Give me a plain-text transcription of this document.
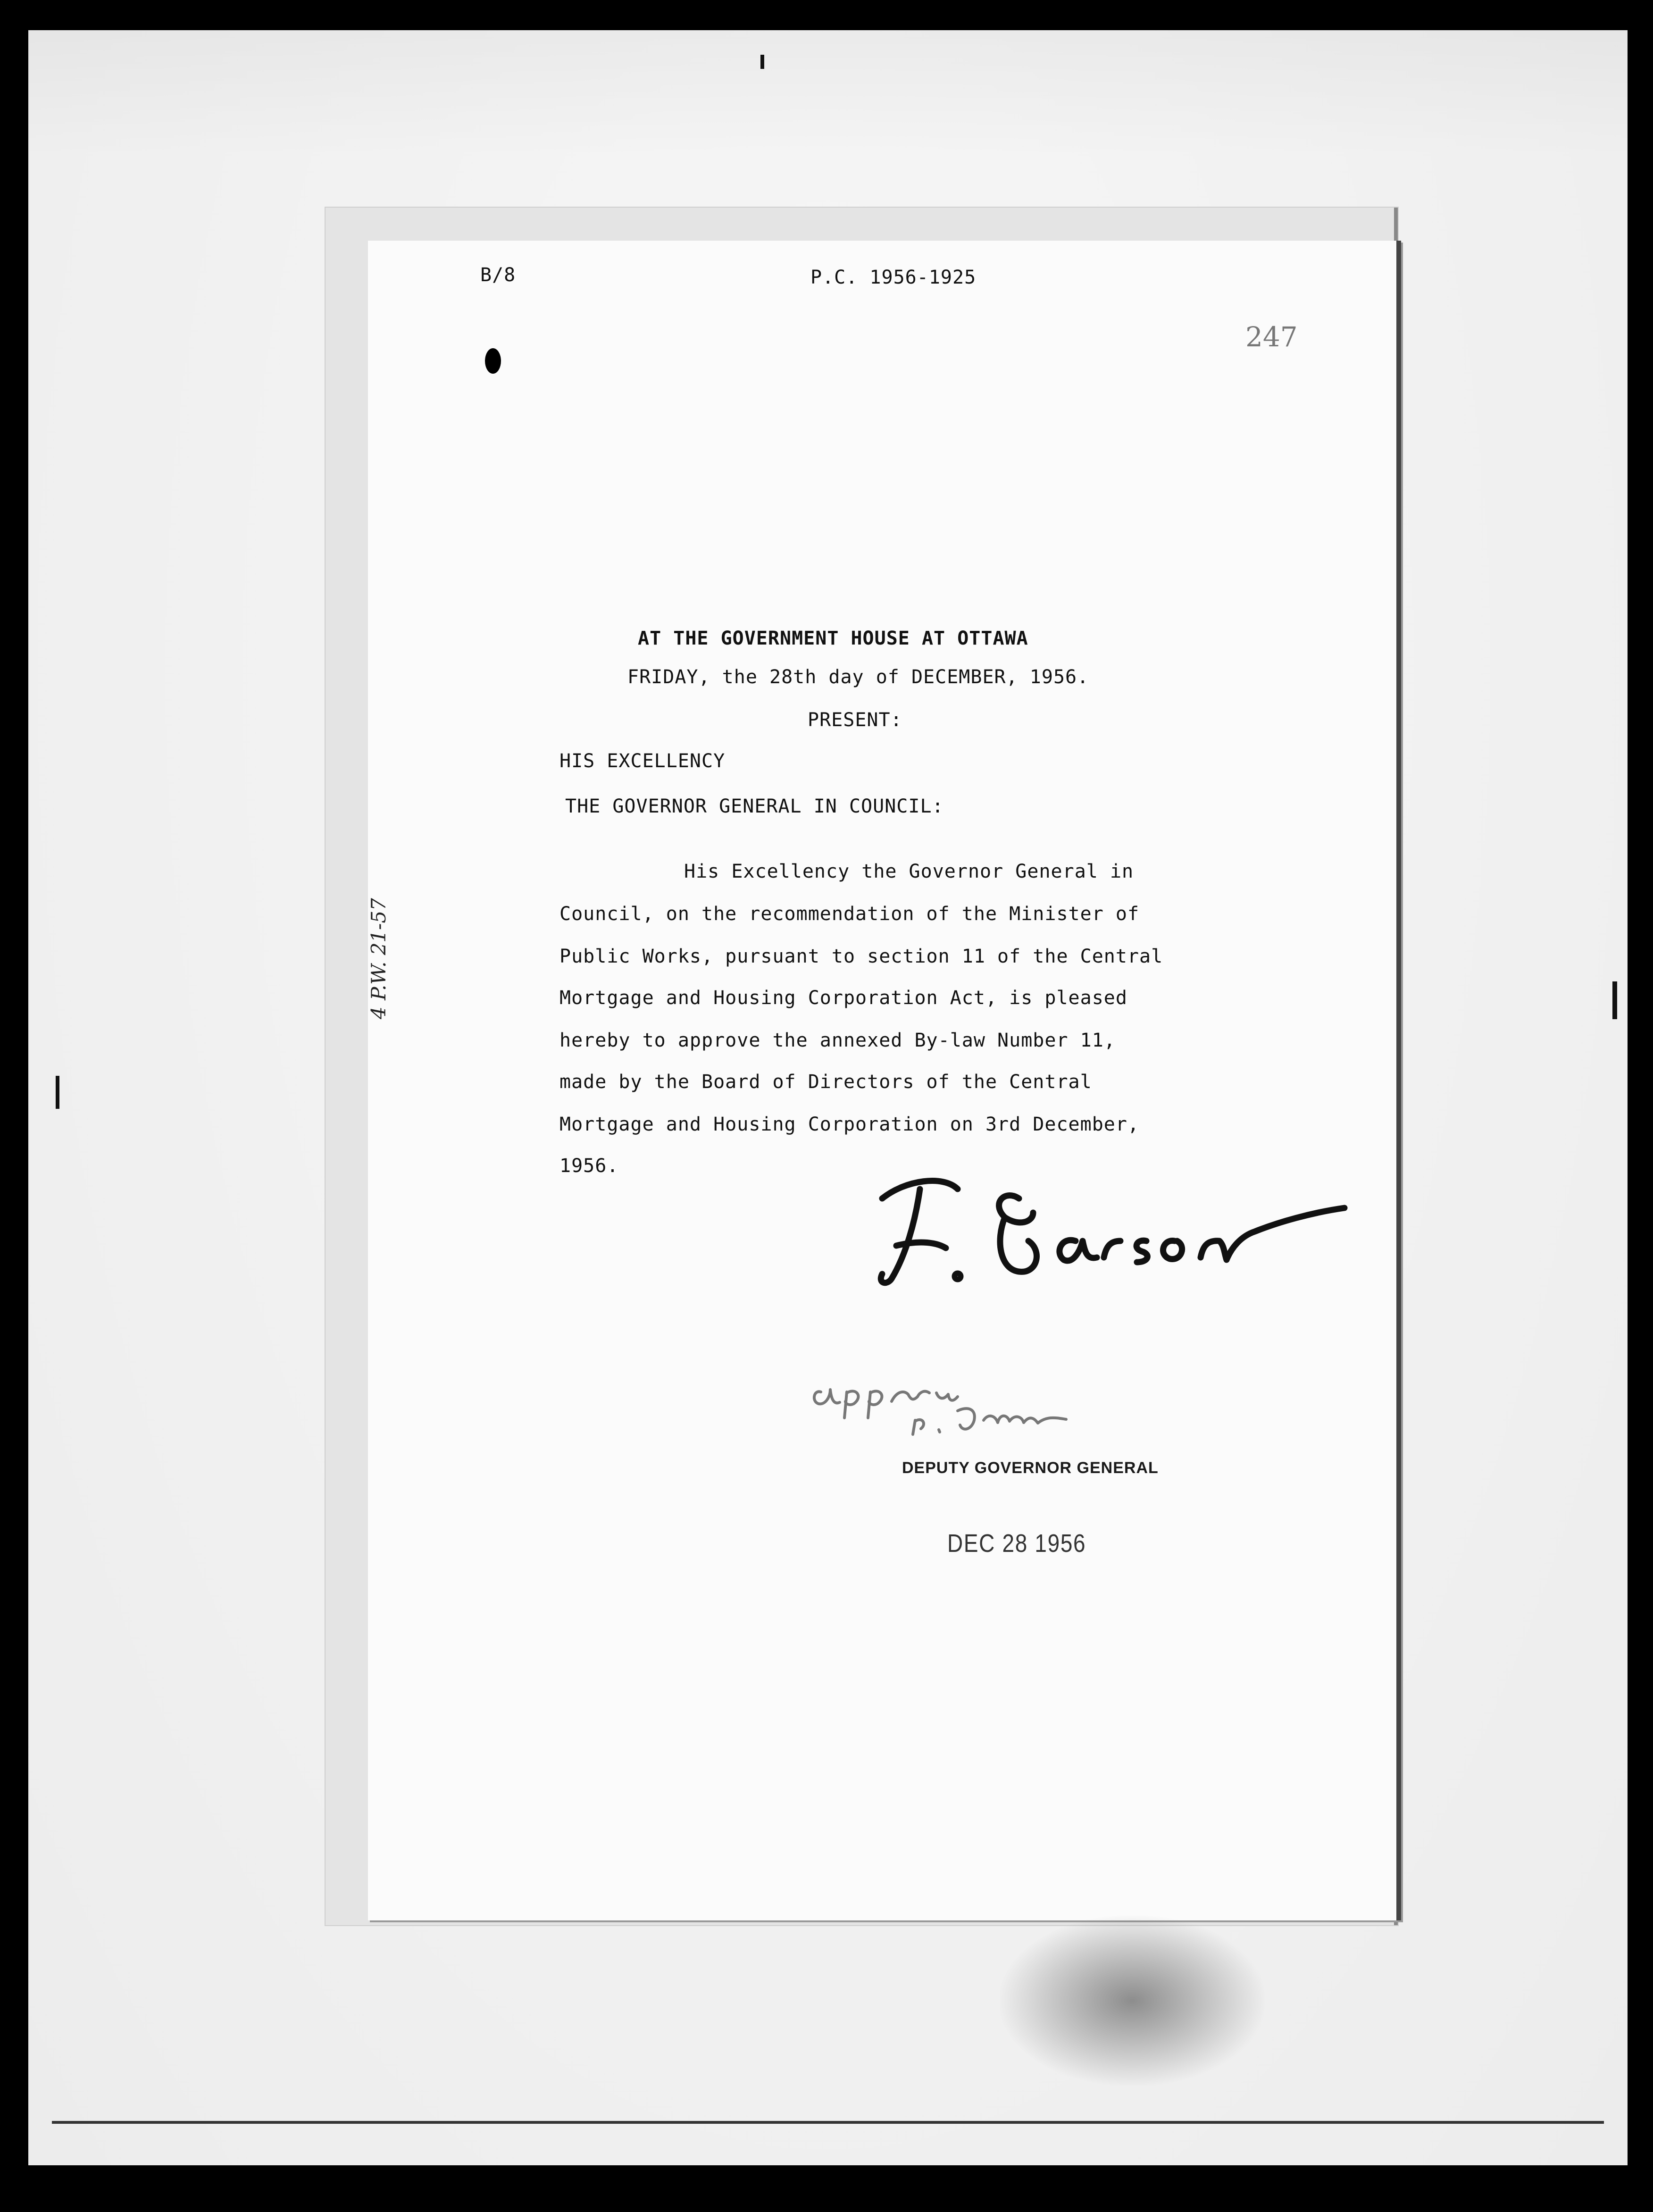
B/8	P.C. 1956-1925
247
AT THE GOVERNMENT HOUSE AT OTTAWA
FRIDAY, the 28th day of DECEMBER, 1956.
PRESENT:
HIS EXCELLENCY
THE GOVERNOR GENERAL IN COUNCIL:
His Excellency the Governor General in
Council, on the recommendation of the Minister of
Public Works, pursuant to section 11 of the Central
Mortgage and Housing Corporation Act, is pleased
hereby to approve the annexed By-law Number 11,
made by the Board of Directors of the Central
Mortgage and Housing Corporation on 3rd December,
1956.
4 P.W. 21-57
DEPUTY GOVERNOR GENERAL
DEC 28 1956
